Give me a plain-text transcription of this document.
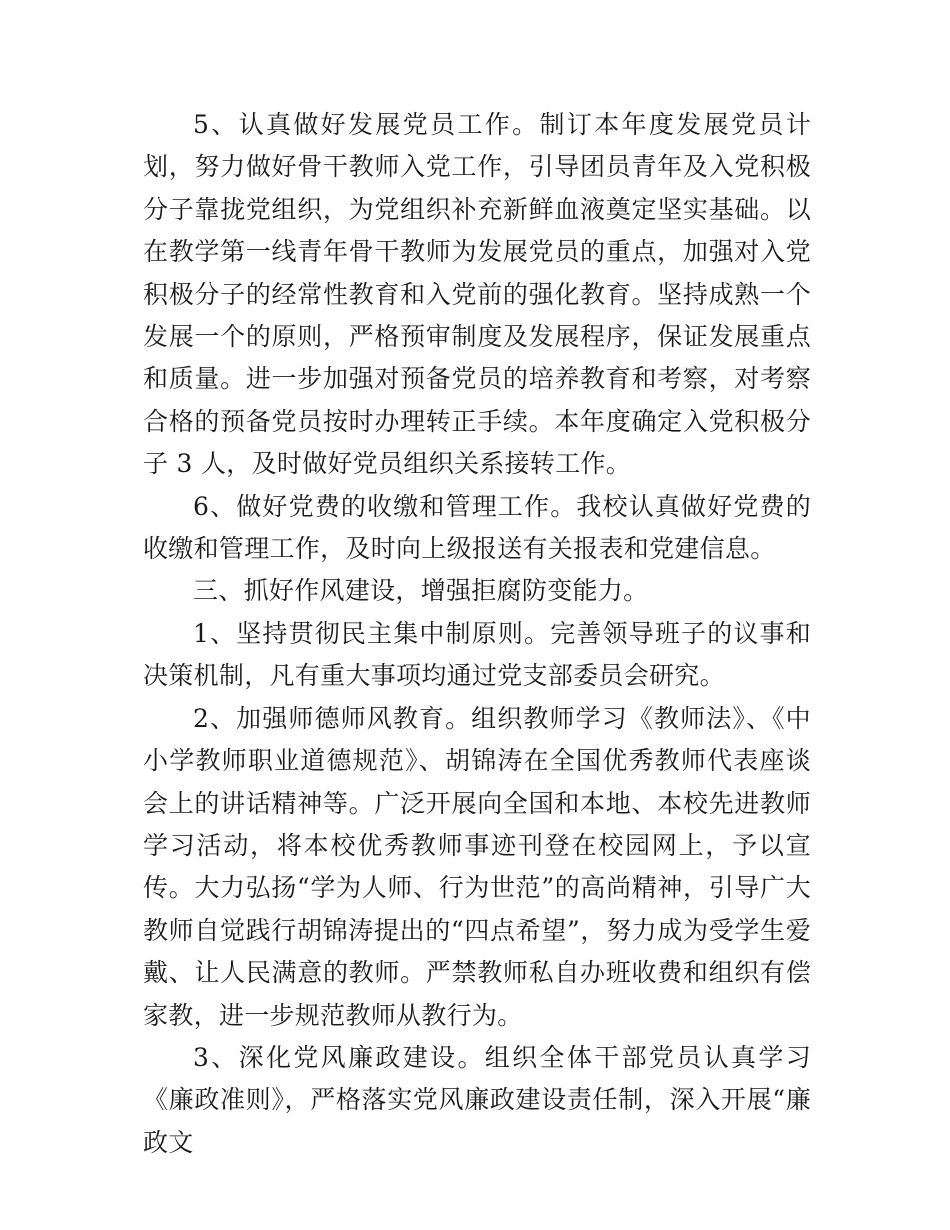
5、认真做好发展党员工作。制订本年度发展党员计划，努力做好骨干教师入党工作，引导团员青年及入党积极分子靠拢党组织，为党组织补充新鲜血液奠定坚实基础。以在教学第一线青年骨干教师为发展党员的重点，加强对入党积极分子的经常性教育和入党前的强化教育。坚持成熟一个发展一个的原则，严格预审制度及发展程序，保证发展重点和质量。进一步加强对预备党员的培养教育和考察，对考察合格的预备党员按时办理转正手续。本年度确定入党积极分子 3 人，及时做好党员组织关系接转工作。

6、做好党费的收缴和管理工作。我校认真做好党费的收缴和管理工作，及时向上级报送有关报表和党建信息。

三、抓好作风建设，增强拒腐防变能力。

1、坚持贯彻民主集中制原则。完善领导班子的议事和决策机制，凡有重大事项均通过党支部委员会研究。

2、加强师德师风教育。组织教师学习《教师法》、《中小学教师职业道德规范》、胡锦涛在全国优秀教师代表座谈会上的讲话精神等。广泛开展向全国和本地、本校先进教师学习活动，将本校优秀教师事迹刊登在校园网上，予以宣传。大力弘扬“学为人师、行为世范”的高尚精神，引导广大教师自觉践行胡锦涛提出的“四点希望”，努力成为受学生爱戴、让人民满意的教师。严禁教师私自办班收费和组织有偿家教，进一步规范教师从教行为。

3、深化党风廉政建设。组织全体干部党员认真学习《廉政准则》，严格落实党风廉政建设责任制，深入开展“廉政文
